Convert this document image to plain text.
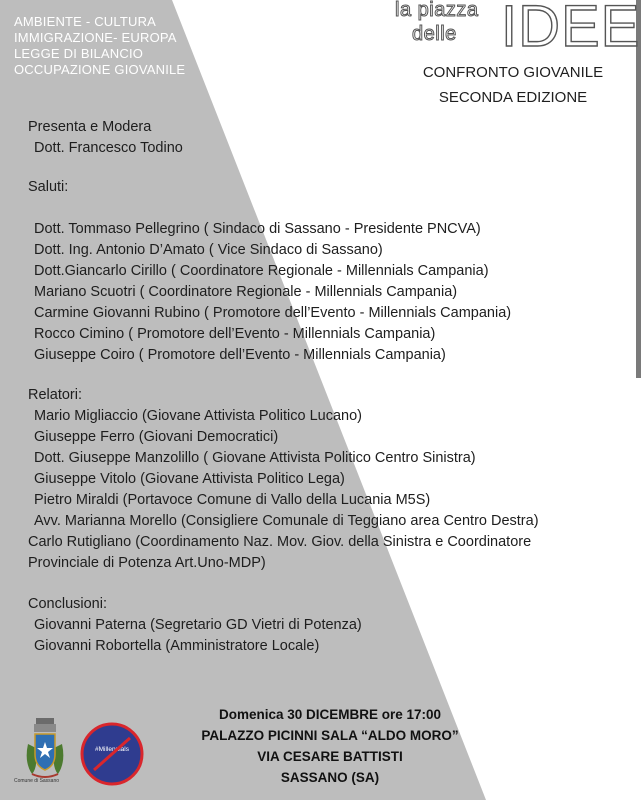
AMBIENTE - CULTURA
IMMIGRAZIONE- EUROPA
LEGGE DI BILANCIO
OCCUPAZIONE GIOVANILE
la piazza
delle IDEE
CONFRONTO GIOVANILE
SECONDA EDIZIONE
Presenta e Modera
Dott. Francesco Todino
Saluti:
Dott. Tommaso Pellegrino ( Sindaco di Sassano - Presidente PNCVA)
Dott. Ing. Antonio D’Amato ( Vice Sindaco di Sassano)
Dott.Giancarlo Cirillo ( Coordinatore Regionale - Millennials Campania)
Mariano Scuotri ( Coordinatore Regionale - Millennials Campania)
Carmine Giovanni Rubino ( Promotore dell’Evento - Millennials Campania)
Rocco Cimino ( Promotore dell’Evento - Millennials Campania)
Giuseppe Coiro ( Promotore dell’Evento - Millennials Campania)
Relatori:
Mario Migliaccio (Giovane Attivista Politico Lucano)
Giuseppe Ferro (Giovani Democratici)
Dott. Giuseppe Manzolillo ( Giovane Attivista Politico Centro Sinistra)
Giuseppe Vitolo (Giovane Attivista Politico Lega)
Pietro Miraldi (Portavoce Comune di Vallo della Lucania M5S)
Avv. Marianna Morello (Consigliere Comunale di Teggiano area Centro Destra)
Carlo Rutigliano (Coordinamento Naz. Mov. Giov. della Sinistra e Coordinatore
Provinciale di Potenza Art.Uno-MDP)
Conclusioni:
Giovanni Paterna (Segretario GD Vietri di Potenza)
Giovanni Robortella (Amministratore Locale)
Domenica 30 DICEMBRE ore 17:00
PALAZZO PICINNI SALA “ALDO MORO”
VIA CESARE BATTISTI
SASSANO (SA)
Comune di Sassano
#Millennials
